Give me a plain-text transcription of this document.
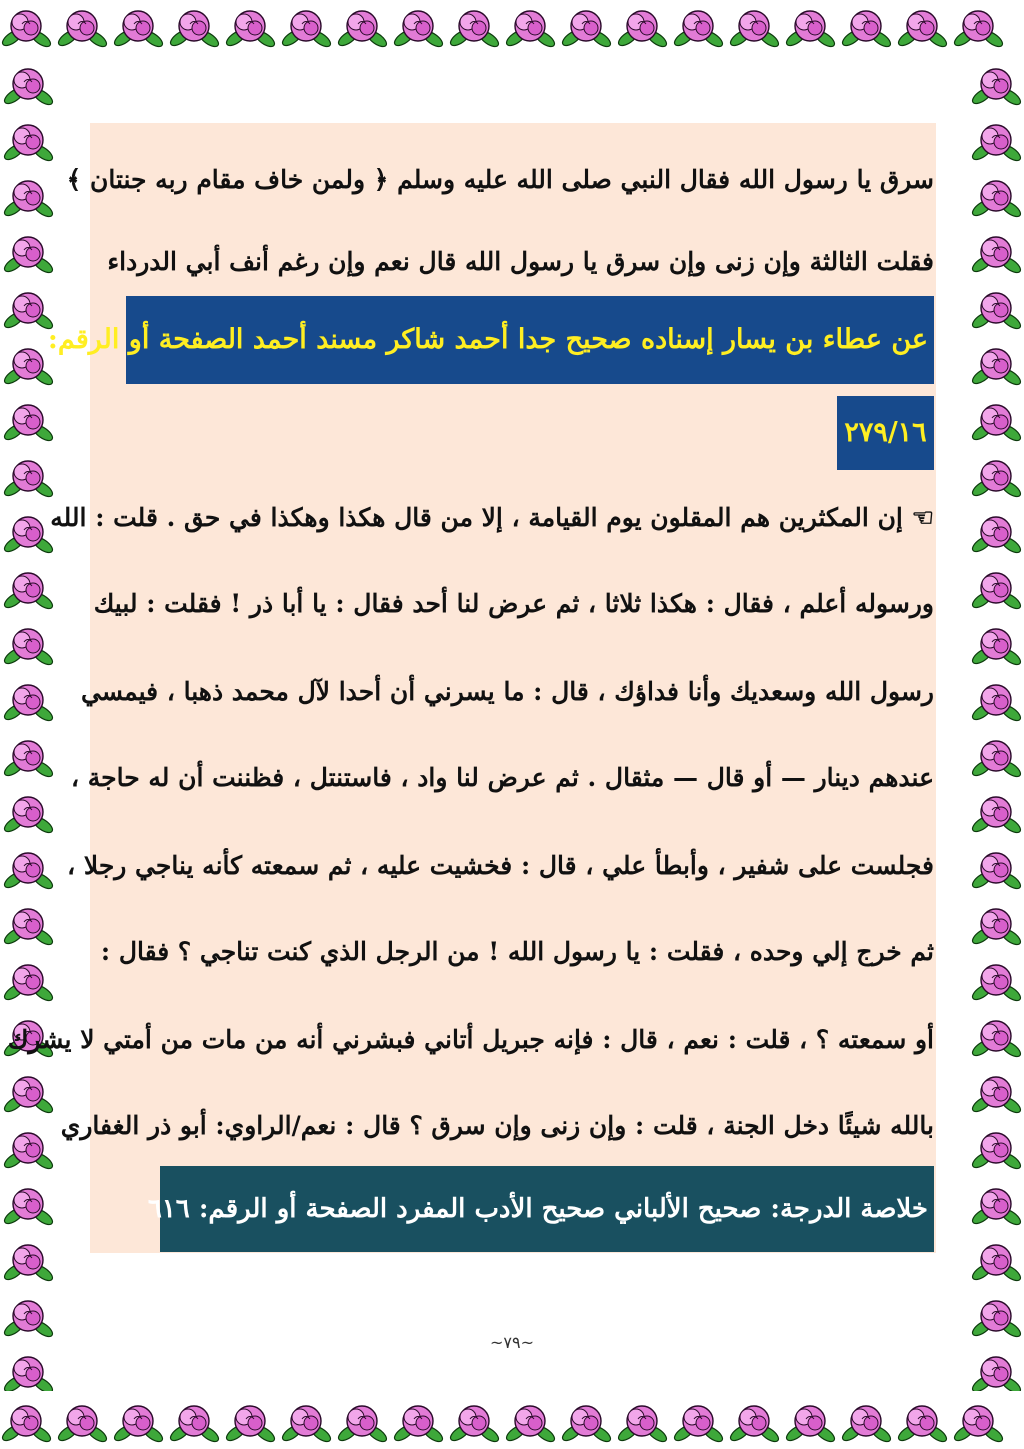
سرق يا رسول الله فقال النبي صلى الله عليه وسلم ﴿ ولمن خاف مقام ربه جنتان ﴾
فقلت الثالثة وإن زنى وإن سرق يا رسول الله قال نعم وإن رغم أنف أبي الدرداء
عن عطاء بن يسار إسناده صحيح جدا أحمد شاكر مسند أحمد الصفحة أو الرقم:
٢٧٩/١٦
☜ إن المكثرين هم المقلون يوم القيامة ، إلا من قال هكذا وهكذا في حق . قلت : الله
ورسوله أعلم ، فقال : هكذا ثلاثا ، ثم عرض لنا أحد فقال : يا أبا ذر ! فقلت : لبيك
رسول الله وسعديك وأنا فداؤك ، قال : ما يسرني أن أحدا لآل محمد ذهبا ، فيمسي
عندهم دينار — أو قال — مثقال . ثم عرض لنا واد ، فاستنتل ، فظننت أن له حاجة ،
فجلست على شفير ، وأبطأ علي ، قال : فخشيت عليه ، ثم سمعته كأنه يناجي رجلا ،
ثم خرج إلي وحده ، فقلت : يا رسول الله ! من الرجل الذي كنت تناجي ؟ فقال :
أو سمعته ؟ ، قلت : نعم ، قال : فإنه جبريل أتاني فبشرني أنه من مات من أمتي لا يشرك
بالله شيئًا دخل الجنة ، قلت : وإن زنى وإن سرق ؟ قال : نعم/الراوي: أبو ذر الغفاري
خلاصة الدرجة: صحيح الألباني صحيح الأدب المفرد الصفحة أو الرقم: ٦١٦
~٧٩~
